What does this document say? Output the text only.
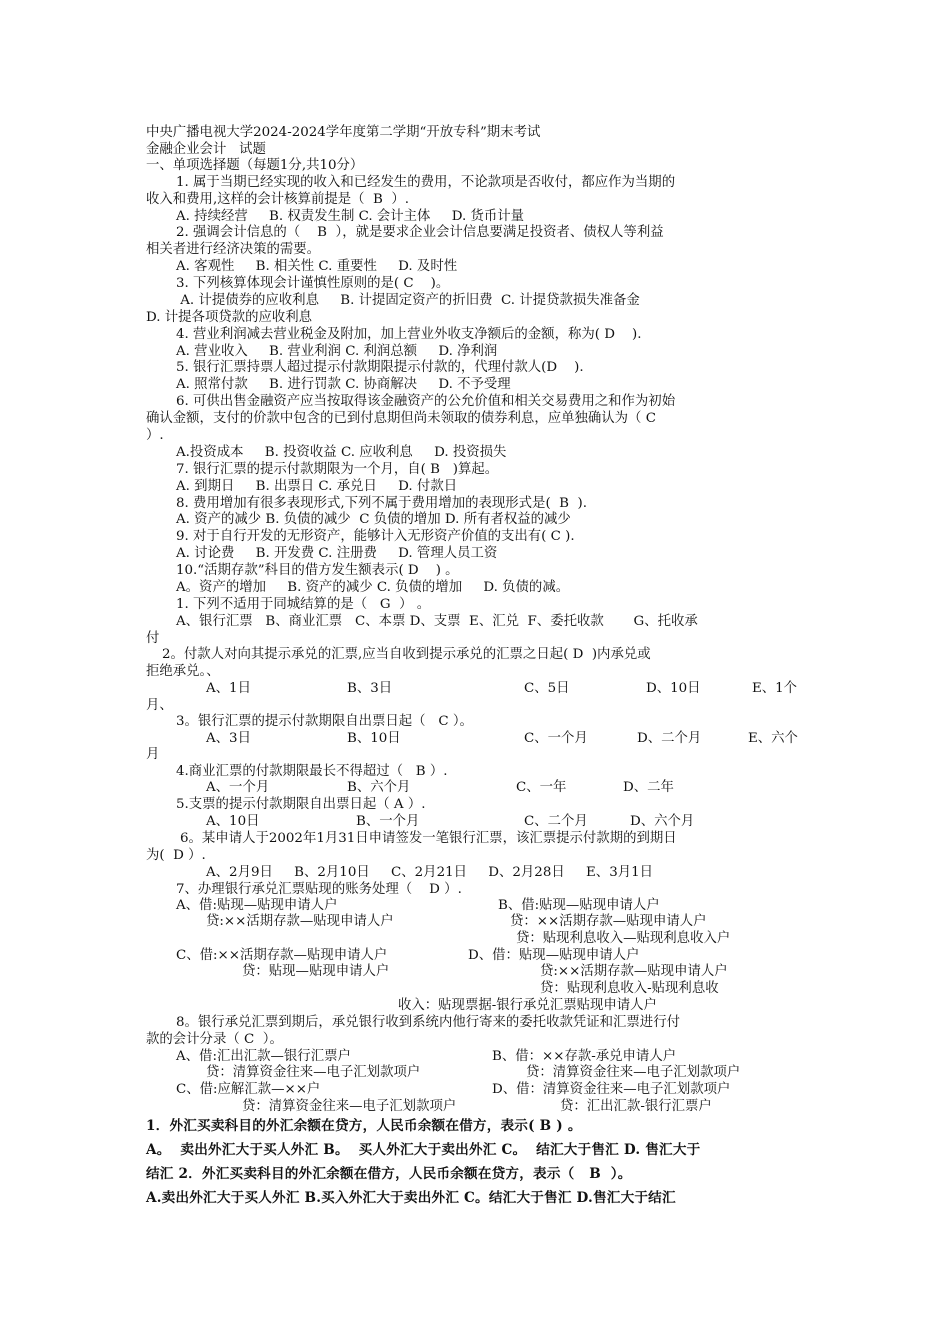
中央广播电视大学2024-2024学年度第二学期“开放专科”期末考试
金融企业会计   试题
一、单项选择题（每题1分,共10分）
1. 属于当期已经实现的收入和已经发生的费用，不论款项是否收付，都应作为当期的
收入和费用,这样的会计核算前提是（  B  ）.
A. 持续经营     B. 权责发生制 C. 会计主体     D. 货币计量
2. 强调会计信息的（    B  ），就是要求企业会计信息要满足投资者、债权人等利益
相关者进行经济决策的需要。
A. 客观性     B. 相关性 C. 重要性     D. 及时性
3. 下列核算体现会计谨慎性原则的是( C    )。
A. 计提债券的应收利息     B. 计提固定资产的折旧费  C. 计提贷款损失准备金
D. 计提各项贷款的应收利息
4. 营业利润减去营业税金及附加，加上营业外收支净额后的金额，称为( D    ).
A. 营业收入     B. 营业利润 C. 利润总额     D. 净利润
5. 银行汇票持票人超过提示付款期限提示付款的，代理付款人(D    ).
A. 照常付款     B. 进行罚款 C. 协商解决     D. 不予受理
6. 可供出售金融资产应当按取得该金融资产的公允价值和相关交易费用之和作为初始
确认金额，支付的价款中包含的已到付息期但尚未领取的债券利息，应单独确认为（ C
）.
A.投资成本     B. 投资收益 C. 应收利息     D. 投资损失
7. 银行汇票的提示付款期限为一个月，自( B   )算起。
A. 到期日     B. 出票日 C. 承兑日     D. 付款日
8. 费用增加有很多表现形式,下列不属于费用增加的表现形式是(  B  ).
A. 资产的减少 B. 负债的减少  C 负债的增加 D. 所有者权益的减少
9. 对于自行开发的无形资产，能够计入无形资产价值的支出有( C ).
A. 讨论费     B. 开发费 C. 注册费     D. 管理人员工资
10.“活期存款”科目的借方发生额表示( D    ) 。
A。资产的增加     B. 资产的减少 C. 负债的增加     D. 负债的减。
1. 下列不适用于同城结算的是（   G  ） 。
A、银行汇票   B、商业汇票   C、本票 D、支票  E、汇兑  F、委托收款       G、托收承
付
2。付款人对向其提示承兑的汇票,应当自收到提示承兑的汇票之日起( D  )内承兑或
拒绝承兑。、
A、1日	B、3日	C、5日	D、10日	E、1个
月、
3。银行汇票的提示付款期限自出票日起（   C ）。
A、3日	B、10日	C、一个月	D、二个月	E、六个
月
4.商业汇票的付款期限最长不得超过（   B ）.
A、一个月	B、六个月	C、一年	D、二年
5.支票的提示付款期限自出票日起（ A ）.
A、10日	B、一个月	C、二个月	D、六个月
6。某申请人于2002年1月31日申请签发一笔银行汇票，该汇票提示付款期的到期日
为(  D ）.
A、2月9日     B、2月10日     C、2月21日     D、2月28日     E、3月1日
7、办理银行承兑汇票贴现的账务处理（    D ）.
A、借:贴现—贴现申请人户	B、借:贴现—贴现申请人户
贷:××活期存款—贴现申请人户	贷：××活期存款—贴现申请人户
贷：贴现利息收入—贴现利息收入户
C、借:××活期存款—贴现申请人户	D、借：贴现—贴现申请人户
贷：贴现—贴现申请人户	贷:××活期存款—贴现申请人户
贷：贴现利息收入-贴现利息收
收入：贴现票据-银行承兑汇票贴现申请人户
8。银行承兑汇票到期后，承兑银行收到系统内他行寄来的委托收款凭证和汇票进行付
款的会计分录（ C  ）。
A、借:汇出汇款—银行汇票户	B、借：××存款-承兑申请人户
贷：清算资金往来—电子汇划款项户	贷：清算资金往来—电子汇划款项户
C、借:应解汇款—××户	D、借：清算资金往来—电子汇划款项户
贷：清算资金往来—电子汇划款项户	贷：汇出汇款-银行汇票户
1．外汇买卖科目的外汇余额在贷方，人民币余额在借方，表示( B ) 。
A。  卖出外汇大于买人外汇 B。  买人外汇大于卖出外汇 C。  结汇大于售汇 D. 售汇大于
结汇 2．外汇买卖科目的外汇余额在借方，人民币余额在贷方，表示（   B  ）。
A.卖出外汇大于买人外汇 B.买入外汇大于卖出外汇 C。结汇大于售汇 D.售汇大于结汇
